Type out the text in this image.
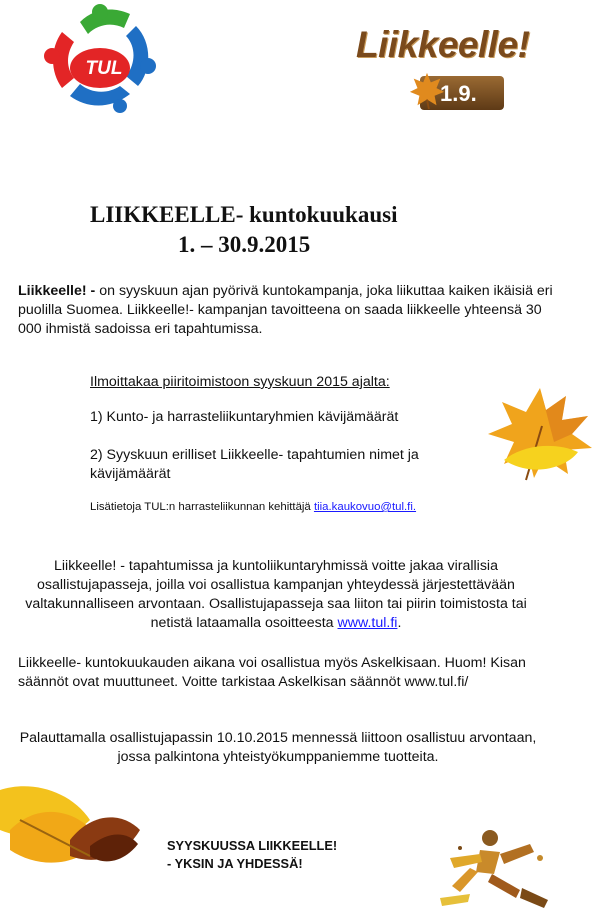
TUL
Liikkeelle!
1.9.
LIIKKEELLE- kuntokuukausi
1. – 30.9.2015
Liikkeelle! - on syyskuun ajan pyörivä kuntokampanja, joka liikuttaa kaiken ikäisiä eri puolilla Suomea. Liikkeelle!- kampanjan tavoitteena on saada liikkeelle yhteensä 30 000 ihmistä sadoissa eri tapahtumissa.
Ilmoittakaa piiritoimistoon syyskuun 2015 ajalta:
1) Kunto- ja harrasteliikuntaryhmien kävijämäärät
2) Syyskuun erilliset Liikkeelle- tapahtumien nimet ja kävijämäärät
Lisätietoja TUL:n harrasteliikunnan kehittäjä tiia.kaukovuo@tul.fi.
Liikkeelle! - tapahtumissa ja kuntoliikuntaryhmissä voitte jakaa virallisia osallistujapasseja, joilla voi osallistua kampanjan yhteydessä järjestettävään valtakunnalliseen arvontaan. Osallistujapasseja saa liiton tai piirin toimistosta tai netistä lataamalla osoitteesta www.tul.fi.
Liikkeelle- kuntokuukauden aikana voi osallistua myös Askelkisaan. Huom! Kisan säännöt ovat muuttuneet. Voitte tarkistaa Askelkisan säännöt www.tul.fi/
Palauttamalla osallistujapassin 10.10.2015 mennessä liittoon osallistuu arvontaan, jossa palkintona yhteistyökumppaniemme tuotteita.
SYYSKUUSSA LIIKKEELLE!
- YKSIN JA YHDESSÄ!
